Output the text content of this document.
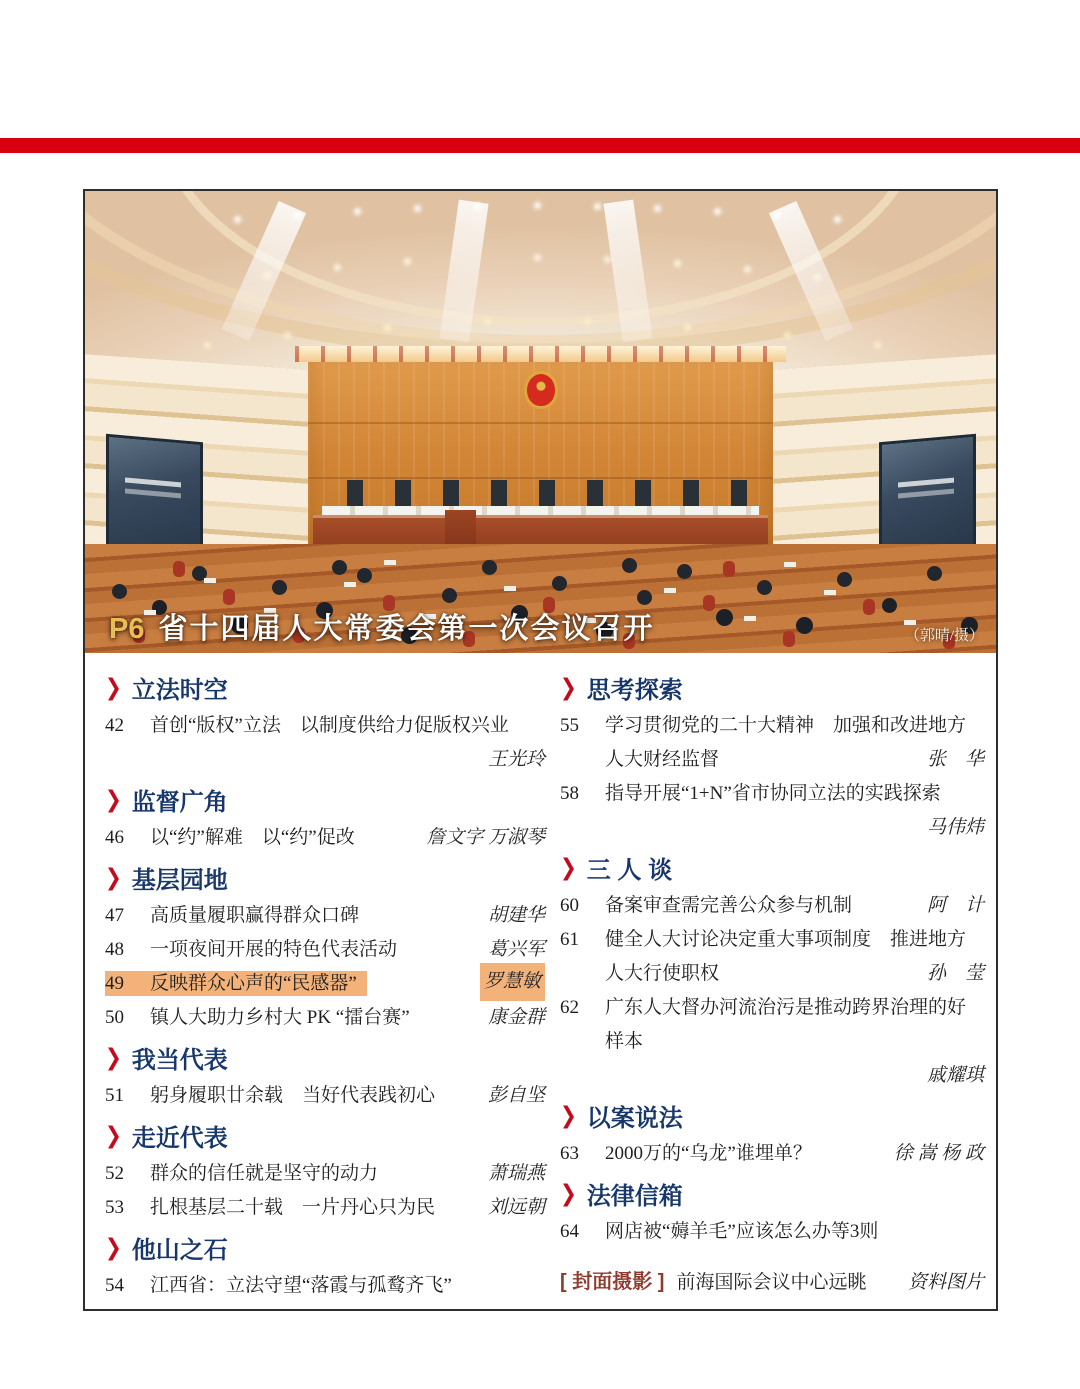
P6 省十四届人大常委会第一次会议召开	（郭晴/摄）
❯ 立法时空
42 首创“版权”立法　以制度供给力促版权兴业
王光玲
❯ 监督广角
46 以“约”解难　以“约”促改	詹文字 万淑琴
❯ 基层园地
47 高质量履职赢得群众口碑	胡建华
48 一项夜间开展的特色代表活动	葛兴军
49 反映群众心声的“民感器”	罗慧敏
50 镇人大助力乡村大 PK “擂台赛”	康金群
❯ 我当代表
51 躬身履职廿余载　当好代表践初心	彭自坚
❯ 走近代表
52 群众的信任就是坚守的动力	萧瑞燕
53 扎根基层二十载　一片丹心只为民	刘远朝
❯ 他山之石
54 江西省：立法守望“落霞与孤鹜齐飞”
❯ 思考探索
55 学习贯彻党的二十大精神　加强和改进地方人大财经监督	张　华
58 指导开展“1+N”省市协同立法的实践探索
马伟炜
❯ 三 人 谈
60 备案审查需完善公众参与机制	阿　计
61 健全人大讨论决定重大事项制度　推进地方人大行使职权	孙　莹
62 广东人大督办河流治污是推动跨界治理的好样本
戚耀琪
❯ 以案说法
63 2000万的“乌龙”谁埋单？	徐 嵩 杨 政
❯ 法律信箱
64 网店被“薅羊毛”应该怎么办等3则
[ 封面摄影 ] 前海国际会议中心远眺 资料图片
